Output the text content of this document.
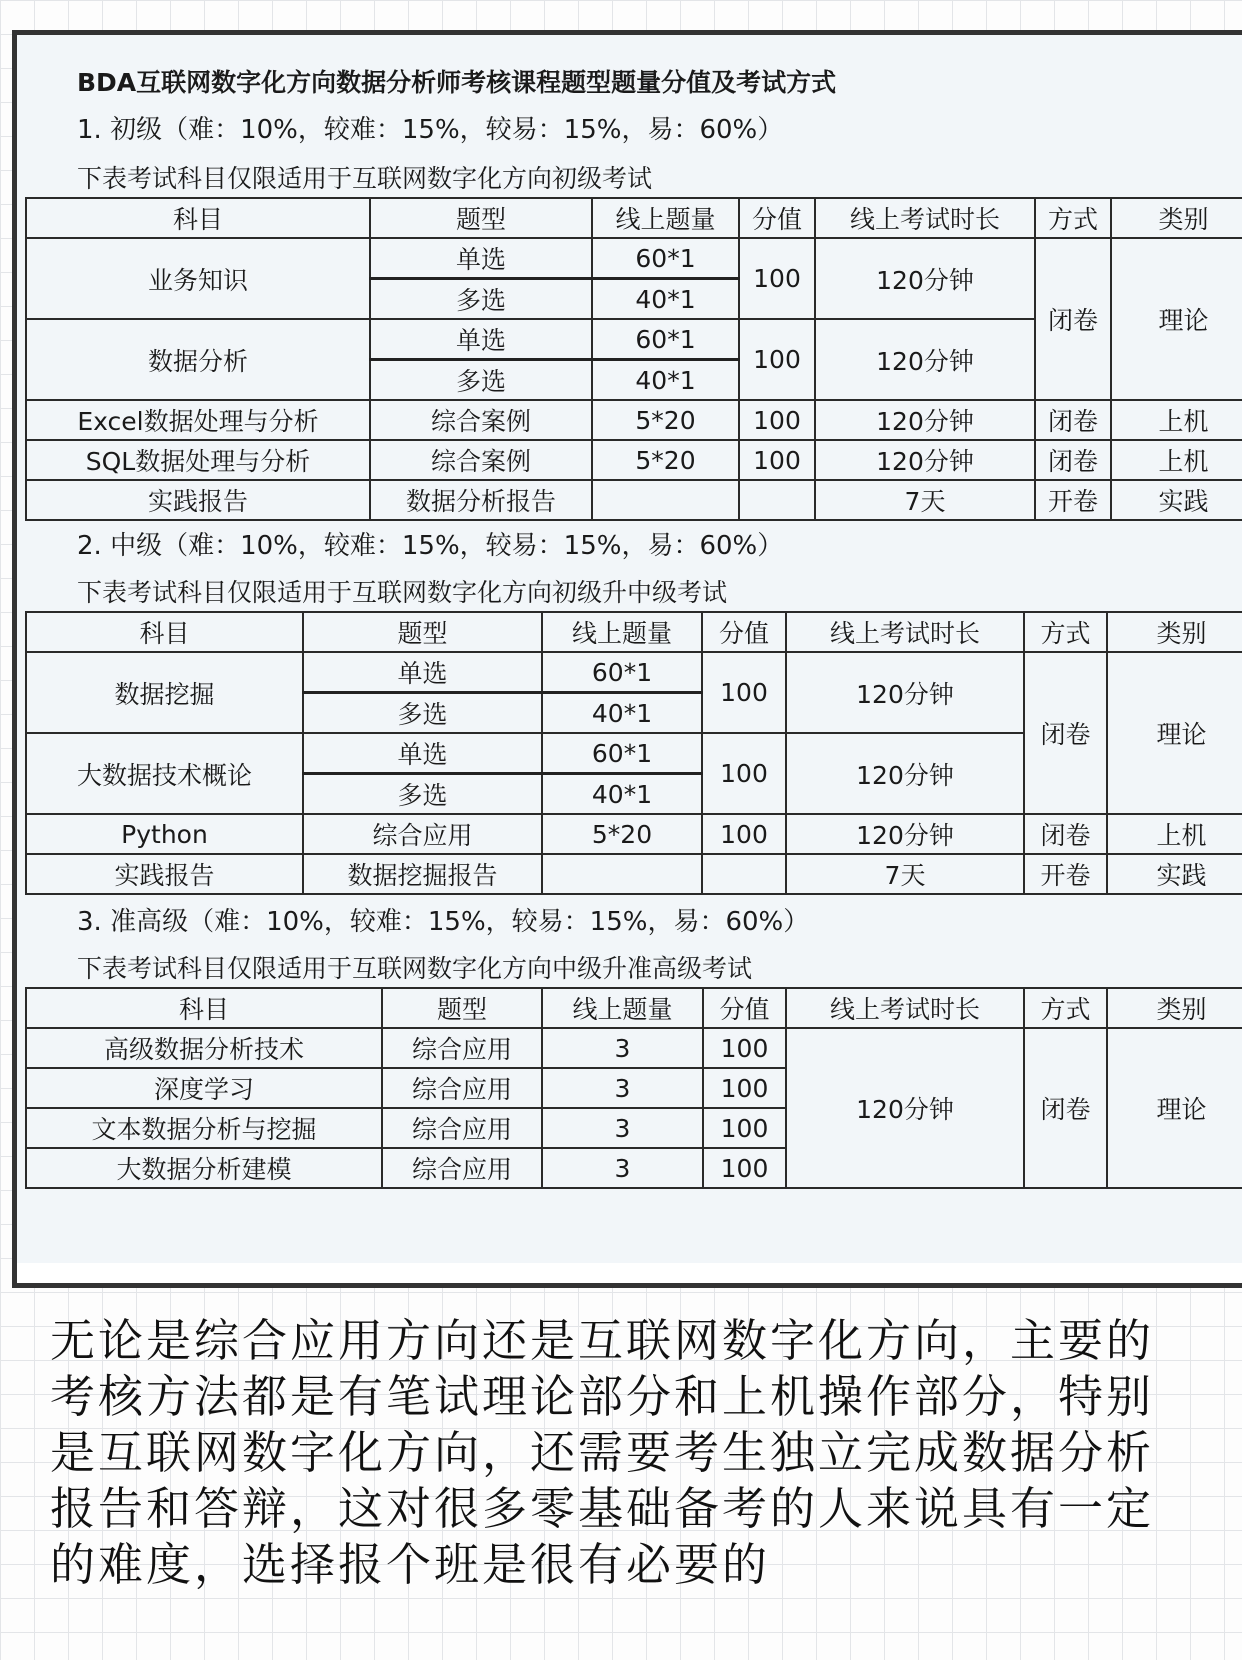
BDA互联网数字化方向数据分析师考核课程题型题量分值及考试方式
1. 初级（难：10%，较难：15%，较易：15%，易：60%）
下表考试科目仅限适用于互联网数字化方向初级考试
科目	题型	线上题量	分值	线上考试时长	方式	类别
业务知识	单选	60*1	100	120分钟	闭卷	理论
	多选	40*1				
数据分析	单选	60*1	100	120分钟		
	多选	40*1				
Excel数据处理与分析	综合案例	5*20	100	120分钟	闭卷	上机
SQL数据处理与分析	综合案例	5*20	100	120分钟	闭卷	上机
实践报告	数据分析报告			7天	开卷	实践
2. 中级（难：10%，较难：15%，较易：15%，易：60%）
下表考试科目仅限适用于互联网数字化方向初级升中级考试
科目	题型	线上题量	分值	线上考试时长	方式	类别
数据挖掘	单选	60*1	100	120分钟	闭卷	理论
	多选	40*1				
大数据技术概论	单选	60*1	100	120分钟		
	多选	40*1				
Python	综合应用	5*20	100	120分钟	闭卷	上机
实践报告	数据挖掘报告			7天	开卷	实践
3. 准高级（难：10%，较难：15%，较易：15%，易：60%）
下表考试科目仅限适用于互联网数字化方向中级升准高级考试
科目	题型	线上题量	分值	线上考试时长	方式	类别
高级数据分析技术	综合应用	3	100	120分钟	闭卷	理论
深度学习	综合应用	3	100			
文本数据分析与挖掘	综合应用	3	100			
大数据分析建模	综合应用	3	100			
无论是综合应用方向还是互联网数字化方向，主要的考核方法都是有笔试理论部分和上机操作部分，特别是互联网数字化方向，还需要考生独立完成数据分析报告和答辩，这对很多零基础备考的人来说具有一定的难度，选择报个班是很有必要的
